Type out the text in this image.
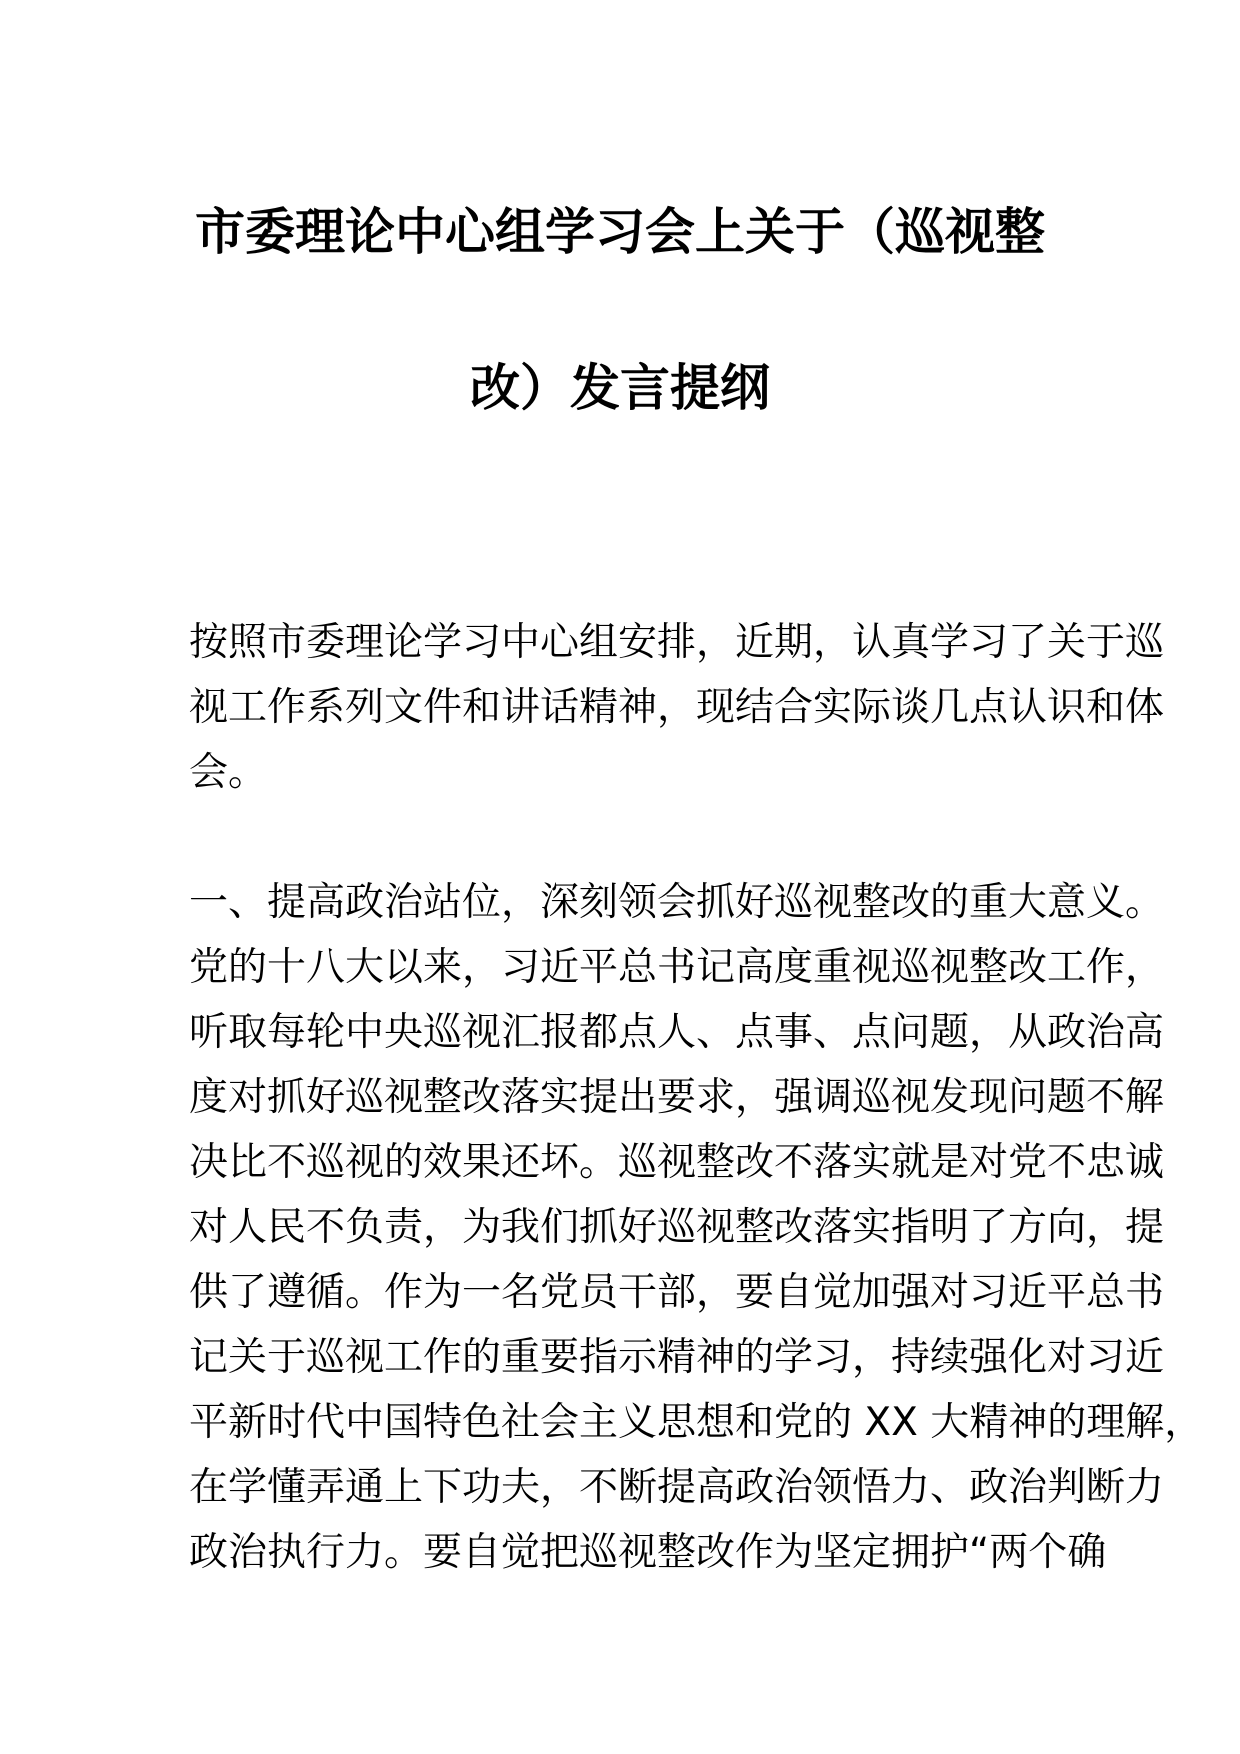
市委理论中心组学习会上关于（巡视整
改）发言提纲
按照市委理论学习中心组安排，近期，认真学习了关于巡
视工作系列文件和讲话精神，现结合实际谈几点认识和体
会。
一、提高政治站位，深刻领会抓好巡视整改的重大意义。
党的十八大以来，习近平总书记高度重视巡视整改工作，
听取每轮中央巡视汇报都点人、点事、点问题，从政治高
度对抓好巡视整改落实提出要求，强调巡视发现问题不解
决比不巡视的效果还坏。巡视整改不落实就是对党不忠诚
对人民不负责，为我们抓好巡视整改落实指明了方向，提
供了遵循。作为一名党员干部，要自觉加强对习近平总书
记关于巡视工作的重要指示精神的学习，持续强化对习近
平新时代中国特色社会主义思想和党的 XX 大精神的理解，
在学懂弄通上下功夫，不断提高政治领悟力、政治判断力
政治执行力。要自觉把巡视整改作为坚定拥护“两个确
